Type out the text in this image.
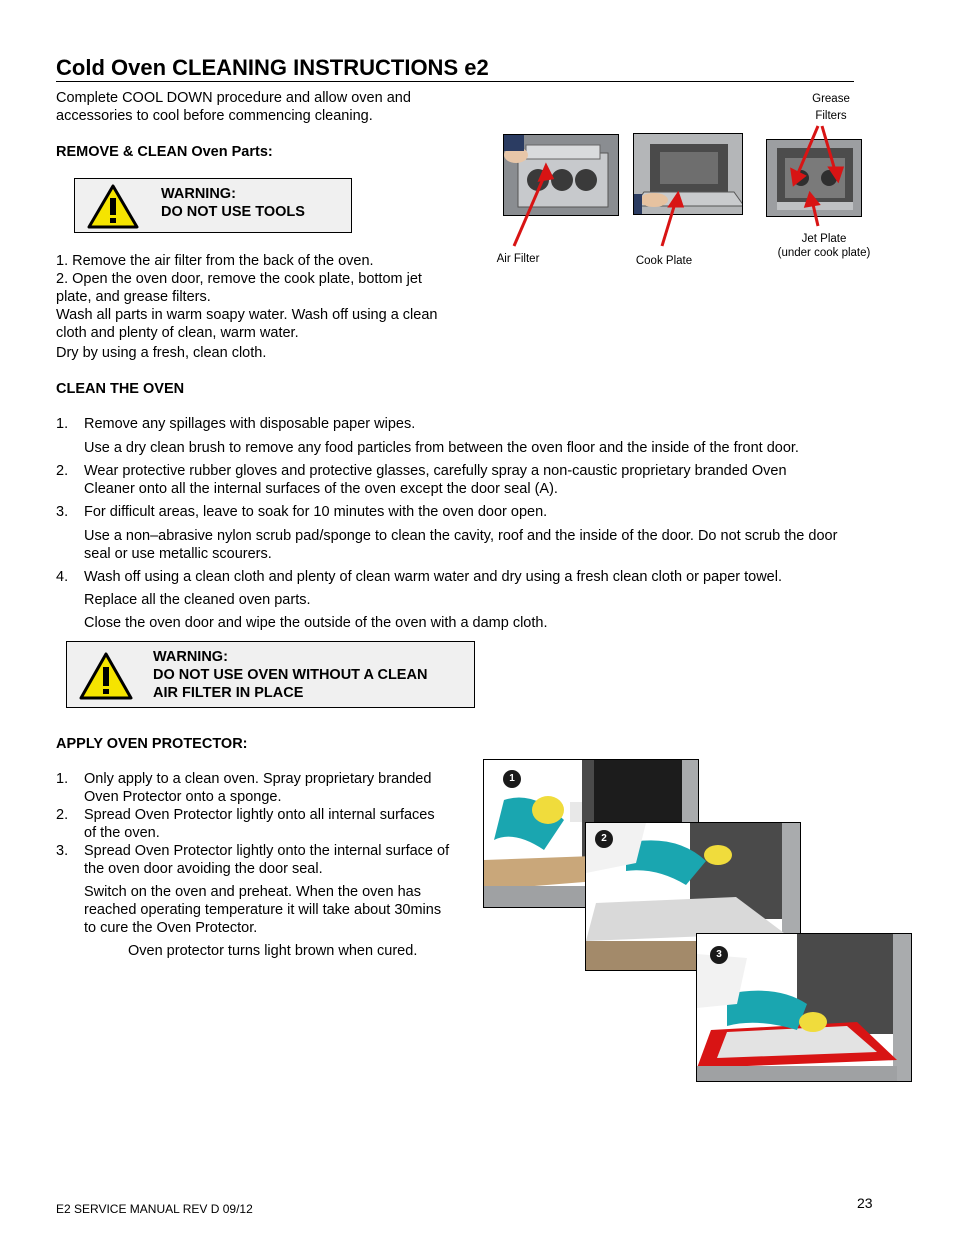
Cold Oven CLEANING INSTRUCTIONS e2
Complete COOL DOWN procedure and allow oven and
accessories to cool before commencing cleaning.
REMOVE & CLEAN Oven Parts:
WARNING:
DO NOT USE TOOLS
1. Remove the air filter from the back of the oven.
2. Open the oven door, remove the cook plate, bottom jet
plate, and grease filters.
Wash all parts in warm soapy water. Wash off using a clean
cloth and plenty of clean, warm water.
Dry by using a fresh, clean cloth.
Grease
Filters
Air Filter	Cook Plate
Jet Plate
(under cook plate)
CLEAN THE OVEN
1. Remove any spillages with disposable paper wipes.
Use a dry clean brush to remove any food particles from between the oven floor and the inside of the front door.
2. Wear protective rubber gloves and protective glasses, carefully spray a non-caustic proprietary branded Oven
Cleaner onto all the internal surfaces of the oven except the door seal (A).
3. For difficult areas, leave to soak for 10 minutes with the oven door open.
Use a non–abrasive nylon scrub pad/sponge to clean the cavity, roof and the inside of the door. Do not scrub the door
seal or use metallic scourers.
4. Wash off using a clean cloth and plenty of clean warm water and dry using a fresh clean cloth or paper towel.
Replace all the cleaned oven parts.
Close the oven door and wipe the outside of the oven with a damp cloth.
WARNING:
DO NOT USE OVEN WITHOUT A CLEAN
AIR FILTER IN PLACE
APPLY OVEN PROTECTOR:
1. Only apply to a clean oven. Spray proprietary branded
Oven Protector onto a sponge.
2. Spread Oven Protector lightly onto all internal surfaces
of the oven.
3. Spread Oven Protector lightly onto the internal surface of
the oven door avoiding the door seal.
Switch on the oven and preheat. When the oven has
reached operating temperature it will take about 30mins
to cure the Oven Protector.
Oven protector turns light brown when cured.
1
2
3
E2 SERVICE MANUAL REV D 09/12	23
